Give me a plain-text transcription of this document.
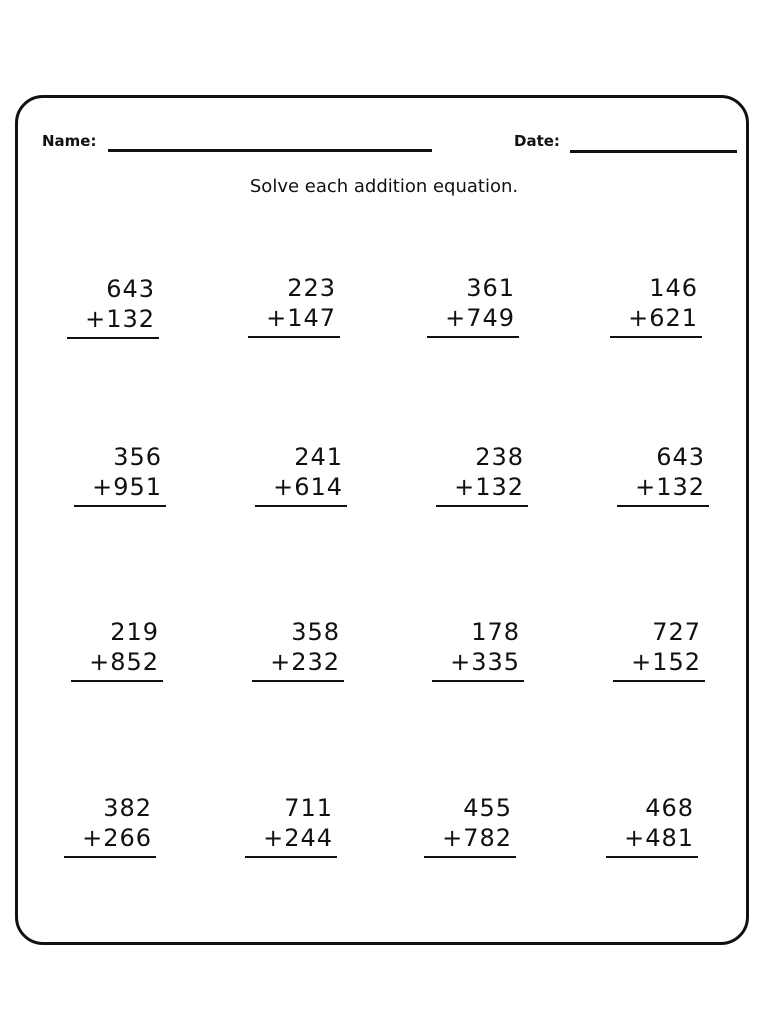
Name:	Date:
Solve each addition equation.
643
+132
223
+147
361
+749
146
+621
356
+951
241
+614
238
+132
643
+132
219
+852
358
+232
178
+335
727
+152
382
+266
711
+244
455
+782
468
+481
